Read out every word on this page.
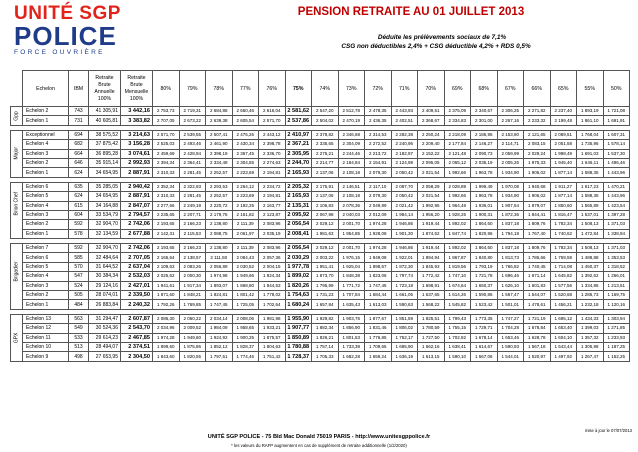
UNITÉ SGP
POLICE
FORCE OUVRIÈRE
PENSION RETRAITE AU 01 JUILLET 2013
Déduite les prélèvements sociaux de 7,1%
CSG non déductibles 2,4% + CSG déductible 4,2% + RDS 0,5%
	Echelon	IBM	Retraite Brute Annuelle 100%	Retraite Brute Mensuelle 100%	80%	79%	78%	77%	76%	75%	74%	73%	72%	71%	70%	69%	68%	67%	66%	65%	55%	50%

Gpp	Echelon 2	743	41 305,91	3 442,16	2 753,73	2 719,31	2 684,88	2 650,46	2 616,04	2 581,62	2 547,20	2 512,78	2 478,35	2 443,93	2 409,51	2 375,09	2 340,67	2 306,25	2 271,82	2 237,40	1 893,19	1 721,08
	Echelon 1	731	40 605,81	3 383,82	2 707,05	2 673,22	2 639,38	2 605,54	2 571,70	2 537,86	2 504,02	2 470,19	2 436,35	2 402,51	2 368,67	2 334,83	2 301,00	2 267,16	2 233,32	2 199,48	1 861,10	1 691,91

Major	Exceptionnel	694	38 575,52	3 214,63	2 571,70	2 539,55	2 507,41	2 475,26	2 443,12	2 410,97	2 378,82	2 346,68	2 314,53	2 282,38	2 250,24	2 218,09	2 185,95	2 153,80	2 121,65	2 089,51	1 768,04	1 607,31
	Echelon 4	682	37 875,42	3 156,28	2 525,03	2 493,46	2 461,90	2 430,34	2 398,78	2 367,21	2 335,65	2 304,09	2 272,52	2 240,96	2 209,40	2 177,84	2 146,27	2 114,71	2 083,15	2 051,58	1 735,96	1 578,14
	Echelon 3	664	36 895,28	3 074,61	2 459,69	2 428,94	2 398,19	2 367,45	2 336,70	2 305,95	2 275,21	2 244,46	2 213,72	2 182,97	2 152,22	2 121,48	2 090,73	2 059,99	2 029,24	1 998,49	1 691,03	1 537,30
	Echelon 2	646	35 915,14	2 992,93	2 394,34	2 364,41	2 334,48	2 304,55	2 274,63	2 244,70	2 214,77	2 184,84	2 154,91	2 124,98	2 095,05	2 065,12	2 035,19	2 005,26	1 975,33	1 945,40	1 646,11	1 496,46
	Echelon 1	624	34 654,95	2 887,91	2 310,33	2 281,45	2 252,57	2 223,69	2 194,81	2 165,93	2 137,06	2 108,18	2 079,30	2 050,42	2 021,54	1 992,66	1 963,78	1 934,90	1 906,02	1 877,14	1 588,35	1 443,96

Brion Chef	Echelon 6	635	35 285,05	2 940,42	2 352,34	2 322,93	2 293,53	2 264,12	2 234,72	2 205,32	2 175,91	2 146,51	2 117,10	2 087,70	2 058,29	2 028,89	1 999,49	1 970,08	1 940,68	1 911,27	1 617,23	1 470,21
	Echelon 5	624	34 654,95	2 887,91	2 310,33	2 281,45	2 252,57	2 223,69	2 194,81	2 165,93	2 137,06	2 108,18	2 079,30	2 050,42	2 021,54	1 992,66	1 963,78	1 934,90	1 906,02	1 877,14	1 588,35	1 443,96
	Echelon 4	615	34 164,88	2 847,07	2 277,66	2 249,19	2 220,72	2 192,25	2 163,77	2 135,31	2 106,83	2 078,36	2 049,89	2 021,42	1 992,95	1 964,48	1 936,01	1 907,54	1 879,07	1 850,60	1 565,89	1 423,54
	Echelon 3	604	33 534,79	2 794,57	2 235,65	2 207,71	2 179,76	2 151,82	2 123,87	2 095,92	2 067,98	2 040,03	2 012,09	1 984,14	1 956,20	1 928,25	1 900,31	1 872,36	1 844,41	1 816,47	1 537,01	1 397,28
	Echelon 2	592	32 904,70	2 742,06	2 193,65	2 166,23	2 138,80	2 111,39	2 083,96	2 056,54	2 029,12	2 001,70	1 974,28	1 946,86	1 919,44	1 892,02	1 864,60	1 837,18	1 809,76	1 782,34	1 508,13	1 371,03
	Echelon 1	578	32 134,59	2 677,88	2 142,31	2 115,53	2 088,75	2 061,97	2 035,19	2 008,41	1 981,63	1 954,85	1 928,08	1 901,30	1 874,52	1 847,74	1 820,96	1 794,18	1 767,40	1 740,62	1 472,84	1 338,94

Brigadier	Echelon 7	592	32 904,70	2 742,06	2 193,65	2 166,23	2 138,80	2 111,39	2 083,96	2 056,54	2 029,12	2 001,70	1 974,28	1 946,86	1 919,44	1 892,02	1 864,60	1 837,18	1 809,76	1 782,34	1 508,13	1 371,03
	Echelon 6	585	32 484,64	2 707,05	2 165,64	2 138,57	2 111,50	2 084,43	2 057,36	2 030,29	2 003,22	1 976,15	1 949,08	1 922,01	1 894,94	1 867,87	1 840,80	1 813,73	1 786,66	1 759,59	1 488,88	1 353,53
	Echelon 5	570	31 644,52	2 637,04	2 109,63	2 083,26	2 056,89	2 030,52	2 004,15	1 977,78	1 951,41	1 925,04	1 898,67	1 872,30	1 845,93	1 819,56	1 793,19	1 766,82	1 740,45	1 714,08	1 450,37	1 318,52
	Echelon 4	547	30 384,34	2 532,03	2 025,62	2 000,30	1 974,98	1 949,66	1 924,34	1 899,02	1 873,70	1 848,38	1 823,06	1 797,74	1 772,42	1 747,10	1 721,78	1 696,46	1 671,14	1 645,82	1 392,62	1 266,01
	Echelon 3	524	29 124,16	2 427,01	1 941,61	1 917,34	1 893,07	1 868,80	1 844,53	1 820,26	1 795,99	1 771,72	1 747,45	1 723,18	1 698,91	1 674,64	1 650,37	1 626,10	1 601,83	1 577,56	1 334,86	1 213,51
	Echelon 2	505	28 074,01	2 339,50	1 871,60	1 848,21	1 824,81	1 801,42	1 778,02	1 754,63	1 731,23	1 707,84	1 684,44	1 661,05	1 637,65	1 614,26	1 590,86	1 567,47	1 544,07	1 520,68	1 286,73	1 169,75
	Echelon 1	484	26 883,84	2 240,32	1 792,26	1 769,85	1 747,45	1 725,05	1 702,64	1 680,24	1 657,84	1 635,43	1 613,03	1 590,63	1 568,22	1 545,82	1 523,42	1 501,01	1 478,61	1 456,21	1 232,18	1 120,16

GPX	Echelon 13	563	31 294,47	2 607,87	2 086,30	2 060,22	2 034,14	2 008,06	1 981,98	1 955,90	1 929,82	1 903,75	1 877,67	1 851,59	1 825,51	1 799,43	1 773,35	1 747,27	1 721,19	1 695,12	1 434,33	1 303,94
	Echelon 12	549	30 524,36	2 543,70	2 034,96	2 009,52	1 984,09	1 958,65	1 933,21	1 907,77	1 882,34	1 856,90	1 831,46	1 806,02	1 780,59	1 755,15	1 729,71	1 704,28	1 678,84	1 653,40	1 399,03	1 271,85
	Echelon 11	533	29 614,23	2 467,85	1 974,28	1 949,60	1 924,92	1 900,25	1 875,57	1 850,89	1 826,21	1 801,53	1 776,85	1 752,17	1 727,50	1 702,82	1 678,14	1 653,46	1 628,78	1 604,10	1 357,32	1 233,93
	Echelon 10	513	28 494,07	2 374,51	1 899,60	1 875,86	1 852,12	1 828,37	1 804,63	1 780,88	1 757,14	1 733,39	1 709,65	1 685,90	1 662,16	1 638,41	1 614,67	1 590,93	1 567,18	1 543,44	1 305,98	1 187,25
	Echelon 9	498	27 653,95	2 304,50	1 843,60	1 820,55	1 797,51	1 774,46	1 751,42	1 728,37	1 705,33	1 682,28	1 659,24	1 636,19	1 613,15	1 590,10	1 567,06	1 544,01	1 520,97	1 497,92	1 267,47	1 152,25
mise à jour le 07/07/2013
UNITÉ SGP POLICE - 75 Bld Mac Donald 75019 PARIS - http://www.unitesgppolice.fr
* les valeurs du RAFP augmentent en cas de supplément de retraite additionnelle (1/2/2020)
